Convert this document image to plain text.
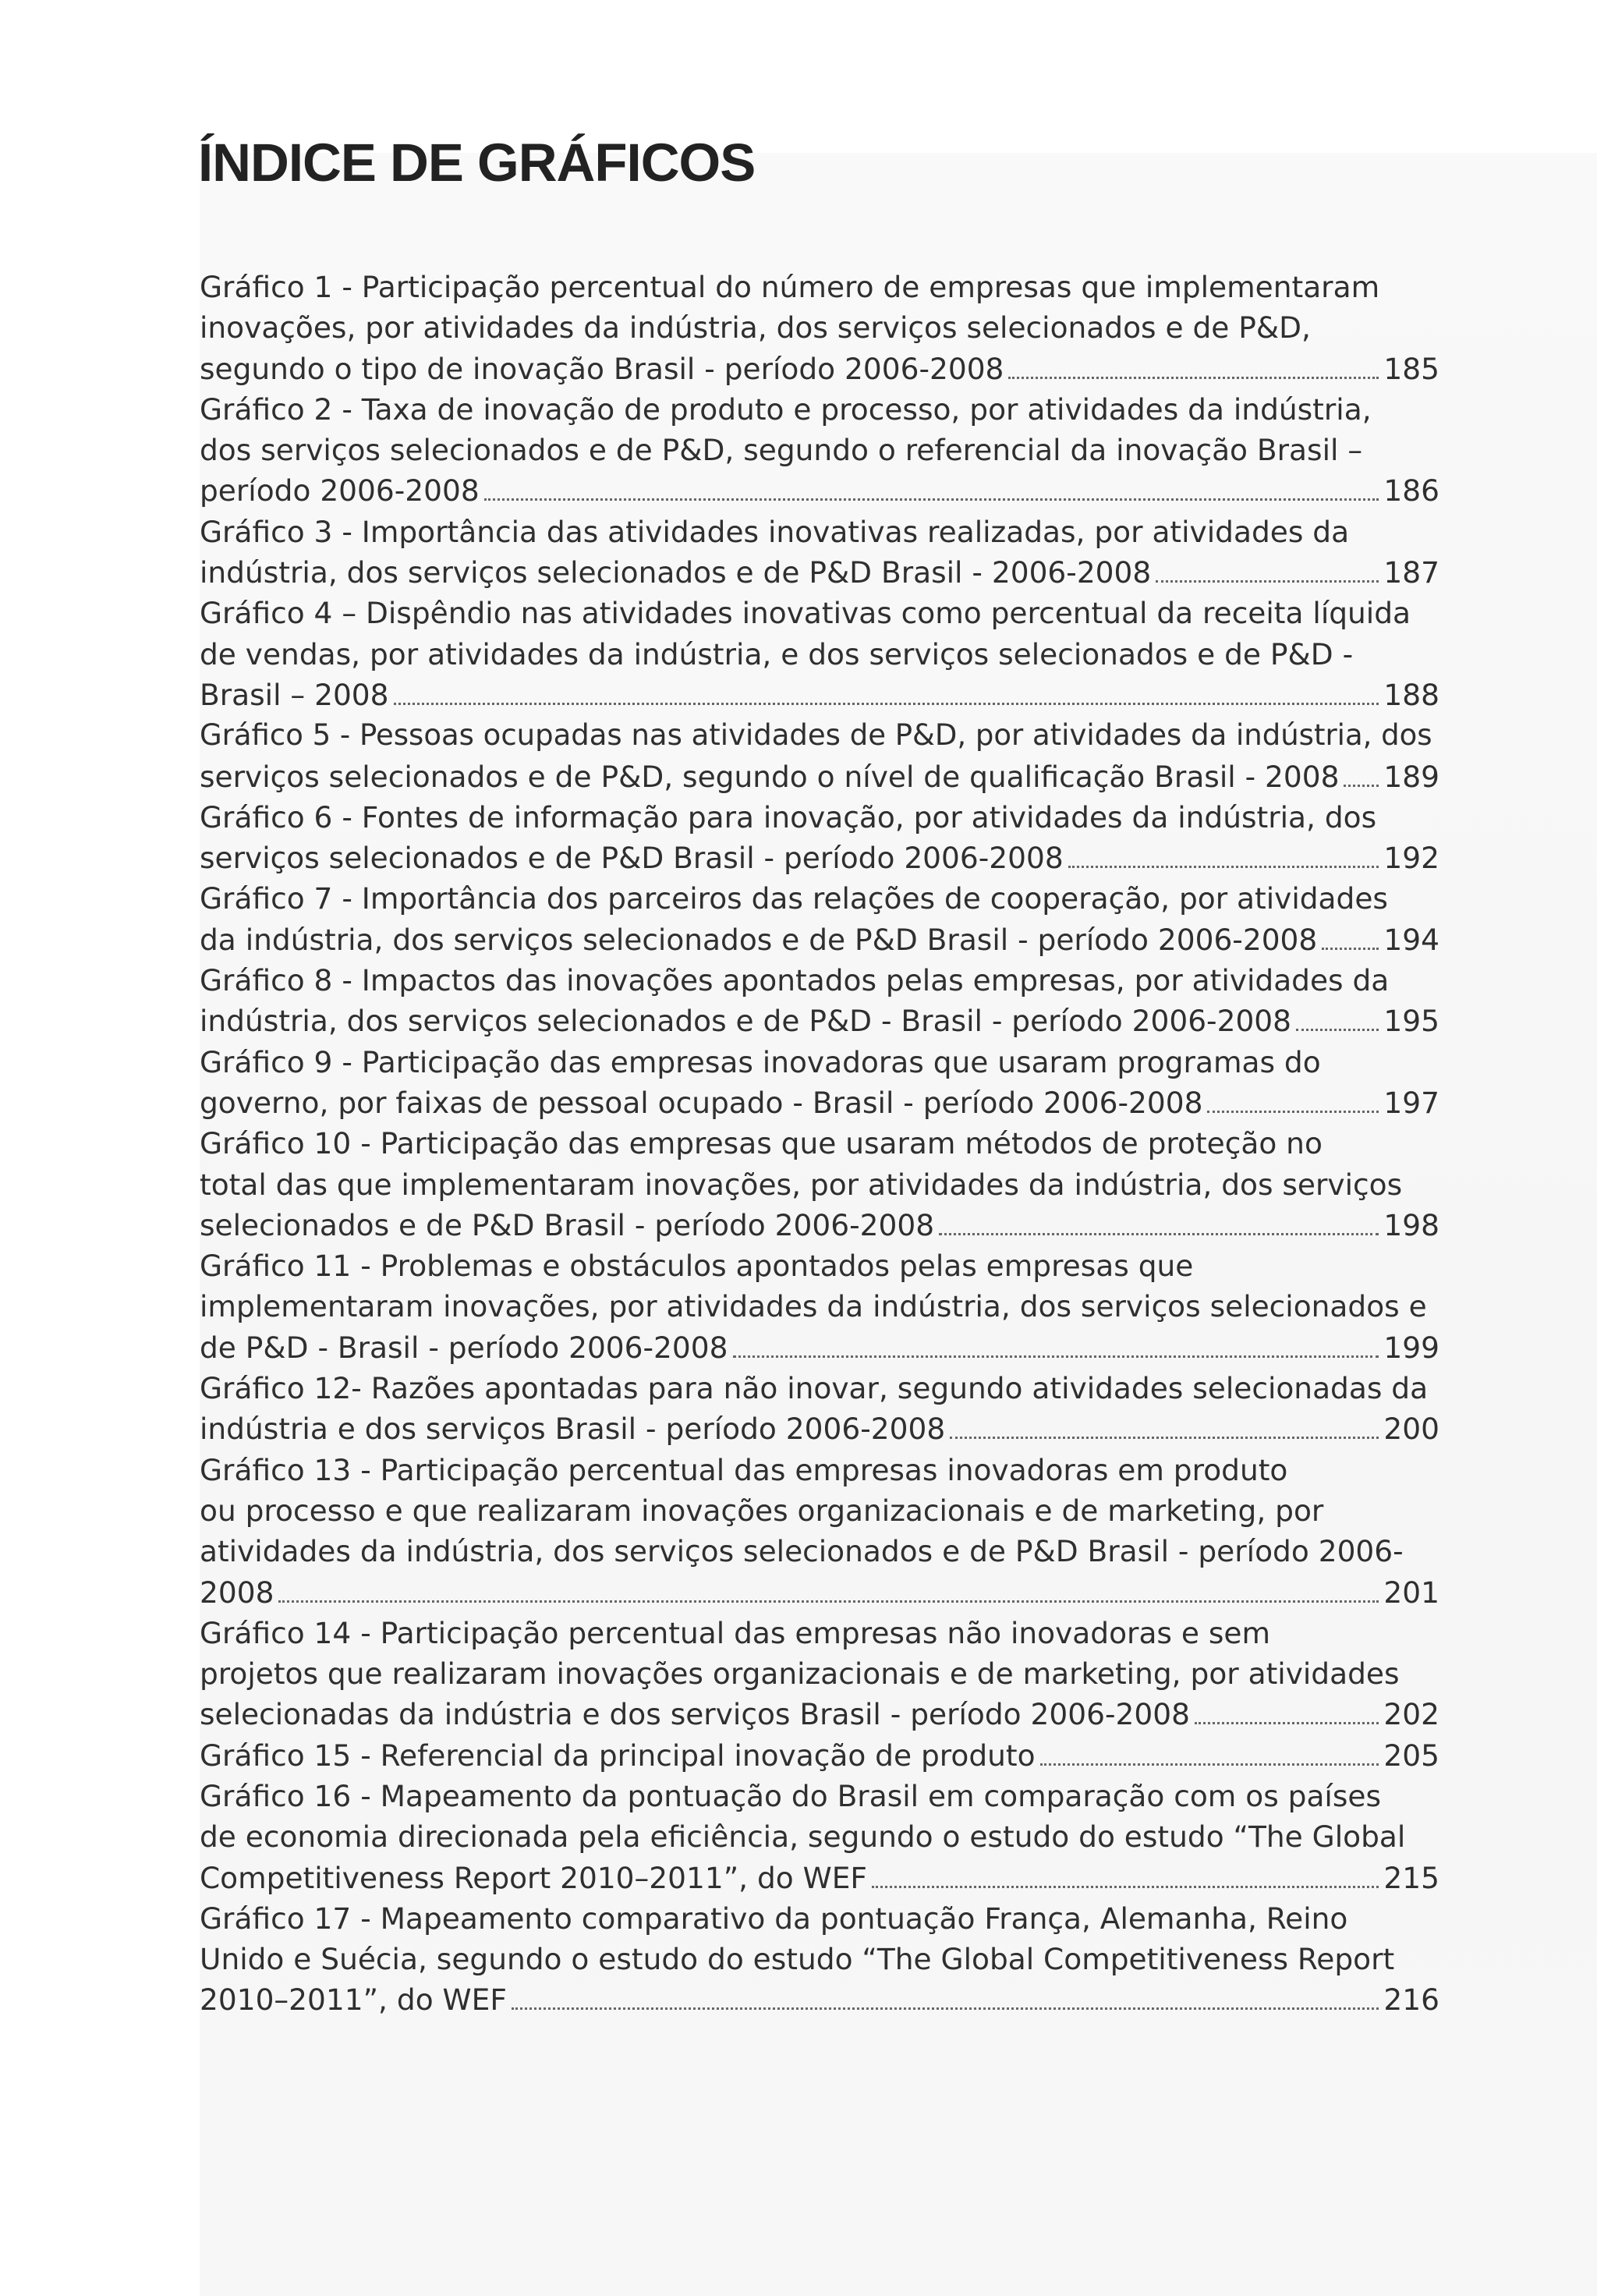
ÍNDICE DE GRÁFICOS
Gráfico 1 - Participação percentual do número de empresas que implementaram
inovações, por atividades da indústria, dos serviços selecionados e de P&D,
segundo o tipo de inovação Brasil - período 2006-2008	185
Gráfico 2 - Taxa de inovação de produto e processo, por atividades da indústria,
dos serviços selecionados e de P&D, segundo o referencial da inovação Brasil –
período 2006-2008	186
Gráfico 3 - Importância das atividades inovativas realizadas, por atividades da
indústria, dos serviços selecionados e de P&D Brasil - 2006-2008	187
Gráfico 4 – Dispêndio nas atividades inovativas como percentual da receita líquida
de vendas, por atividades da indústria, e dos serviços selecionados e de P&D -
Brasil – 2008	188
Gráfico 5 - Pessoas ocupadas nas atividades de P&D, por atividades da indústria, dos
serviços selecionados e de P&D, segundo o nível de qualificação Brasil - 2008 189
Gráfico 6 - Fontes de informação para inovação, por atividades da indústria, dos
serviços selecionados e de P&D Brasil - período 2006-2008	192
Gráfico 7 - Importância dos parceiros das relações de cooperação, por atividades
da indústria, dos serviços selecionados e de P&D Brasil - período 2006-2008 194
Gráfico 8 - Impactos das inovações apontados pelas empresas, por atividades da
indústria, dos serviços selecionados e de P&D - Brasil - período 2006-2008	195
Gráfico 9 - Participação das empresas inovadoras que usaram programas do
governo, por faixas de pessoal ocupado - Brasil - período 2006-2008	197
Gráfico 10 - Participação das empresas que usaram métodos de proteção no
total das que implementaram inovações, por atividades da indústria, dos serviços
selecionados e de P&D Brasil - período 2006-2008	198
Gráfico 11 - Problemas e obstáculos apontados pelas empresas que
implementaram inovações, por atividades da indústria, dos serviços selecionados e
de P&D - Brasil - período 2006-2008	199
Gráfico 12- Razões apontadas para não inovar, segundo atividades selecionadas da
indústria e dos serviços Brasil - período 2006-2008	200
Gráfico 13 - Participação percentual das empresas inovadoras em produto
ou processo e que realizaram inovações organizacionais e de marketing, por
atividades da indústria, dos serviços selecionados e de P&D Brasil - período 2006-
2008	201
Gráfico 14 - Participação percentual das empresas não inovadoras e sem
projetos que realizaram inovações organizacionais e de marketing, por atividades
selecionadas da indústria e dos serviços Brasil - período 2006-2008	202
Gráfico 15 - Referencial da principal inovação de produto	205
Gráfico 16 - Mapeamento da pontuação do Brasil em comparação com os países
de economia direcionada pela eficiência, segundo o estudo do estudo “The Global
Competitiveness Report 2010–2011”, do WEF	215
Gráfico 17 - Mapeamento comparativo da pontuação França, Alemanha, Reino
Unido e Suécia, segundo o estudo do estudo “The Global Competitiveness Report
2010–2011”, do WEF	216
